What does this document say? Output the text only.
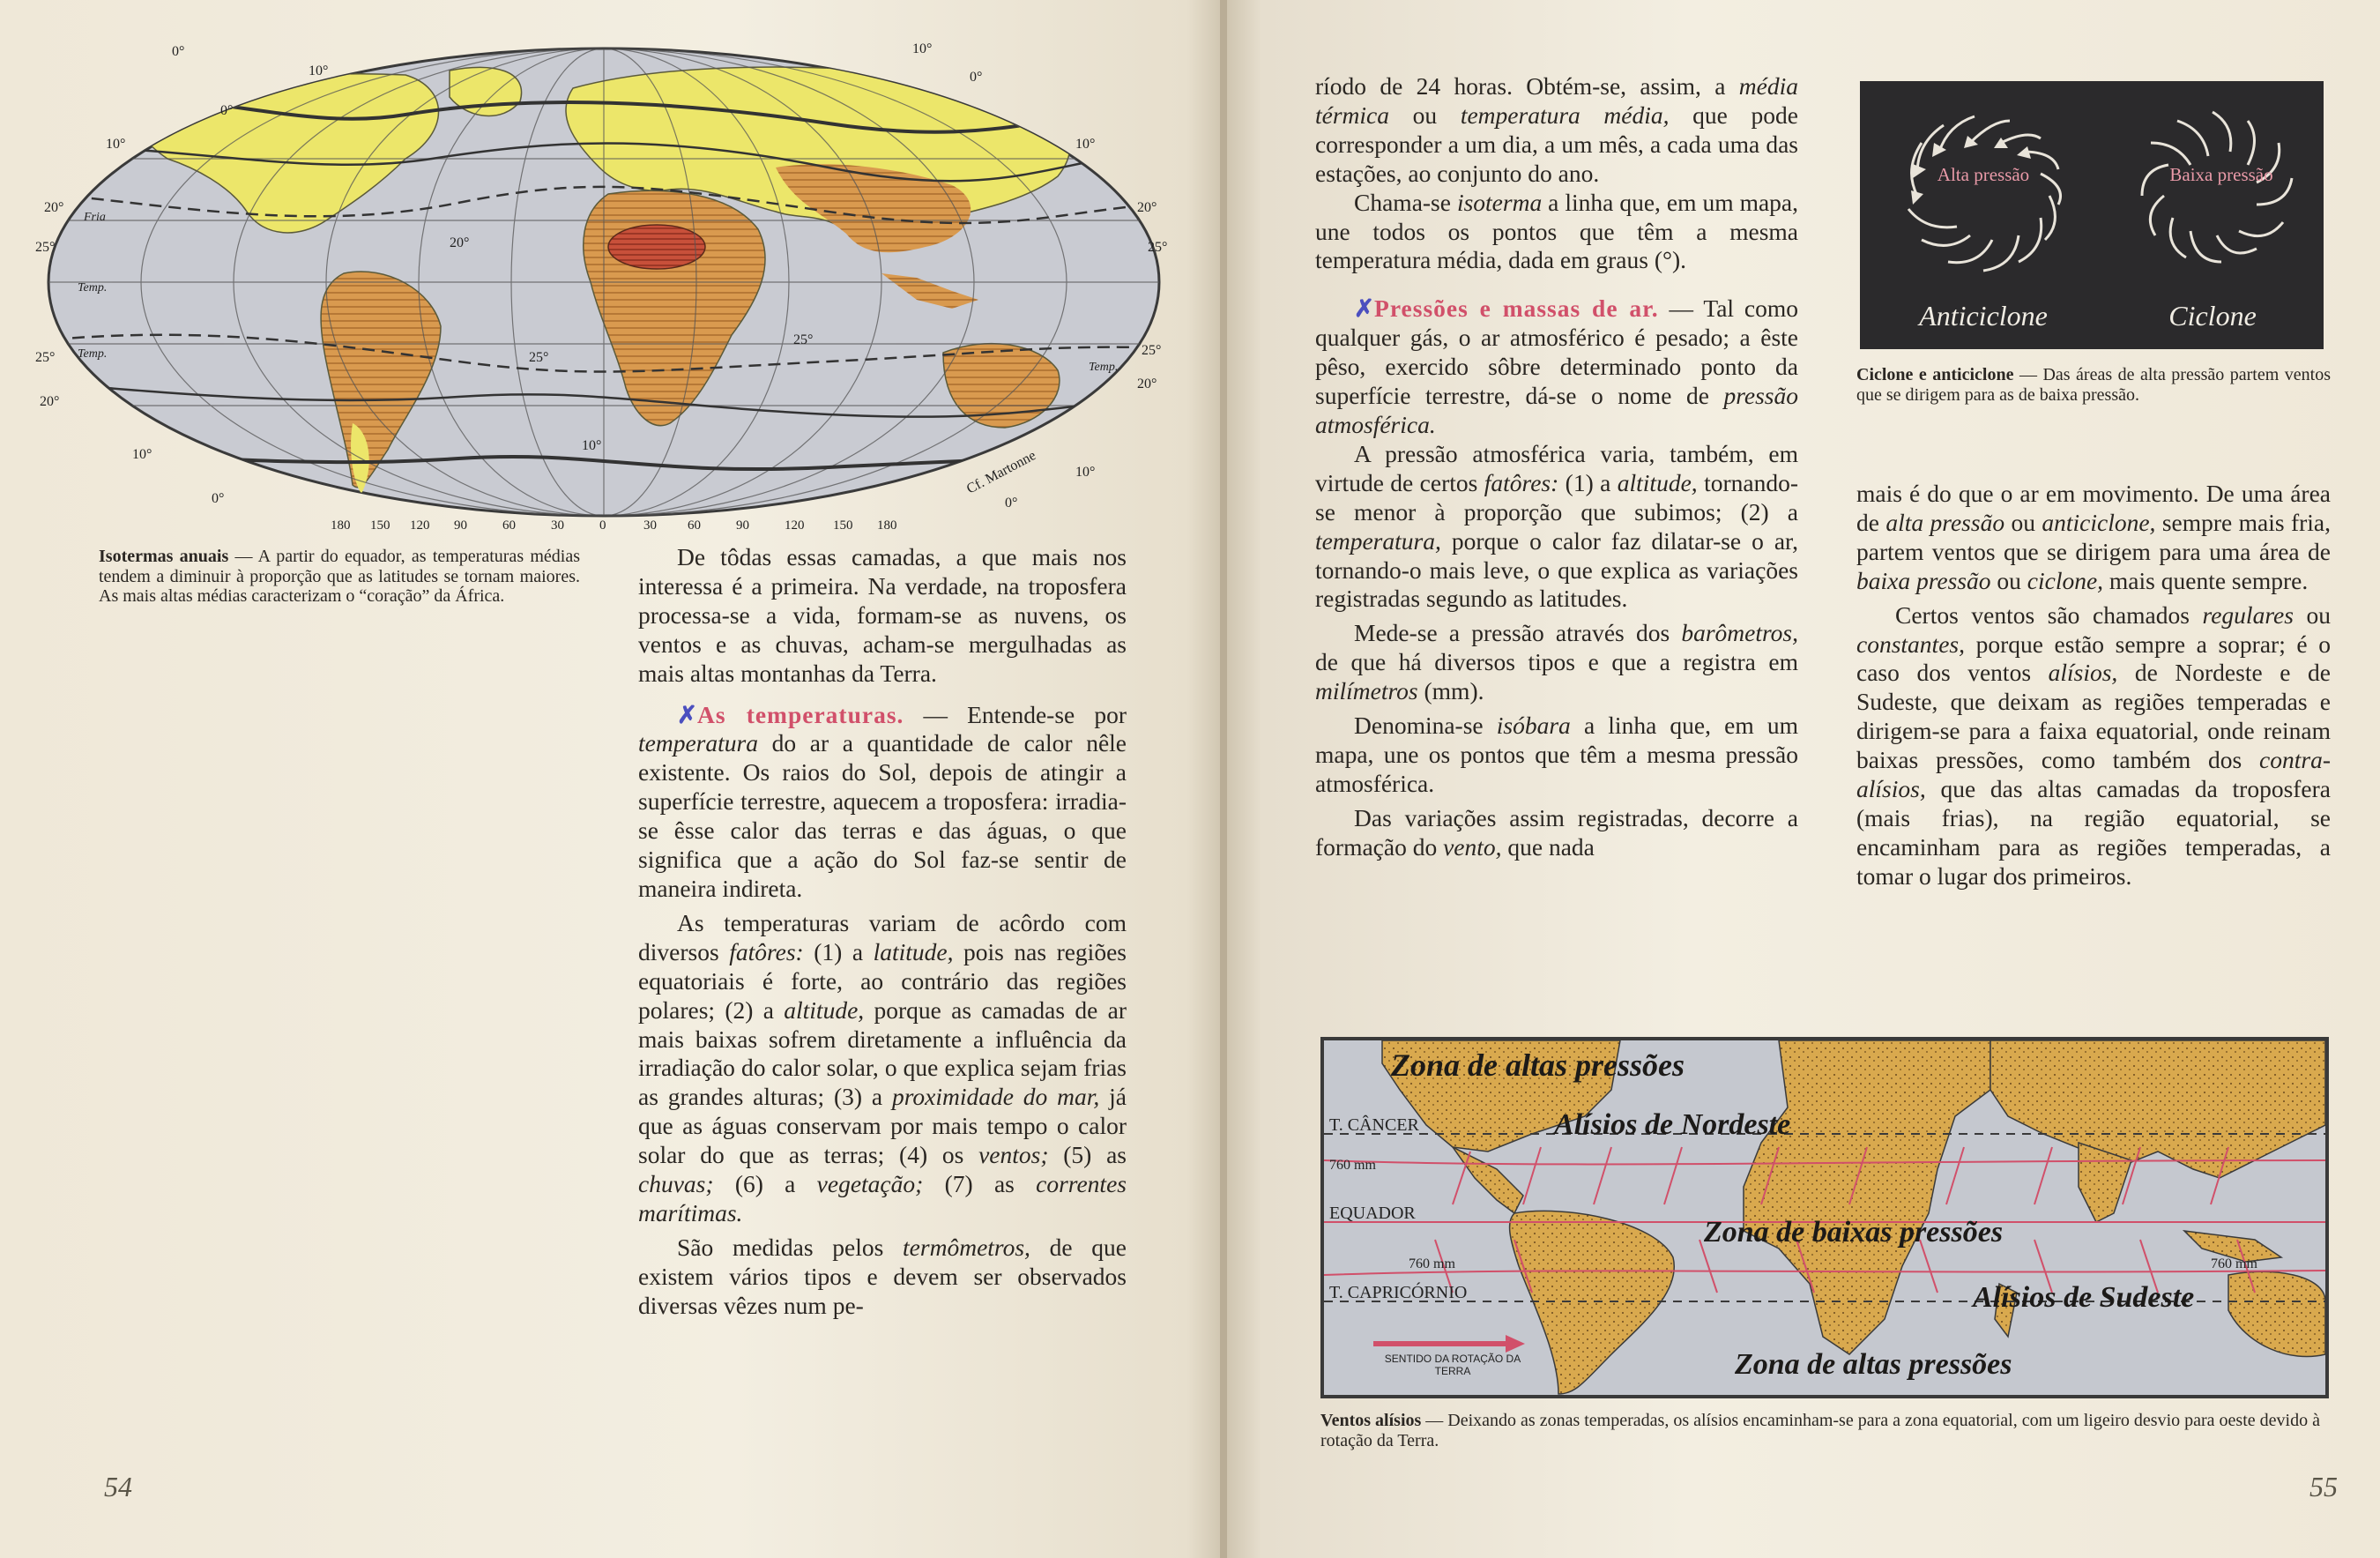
0°
10°
10°
0°
0°
10°	10°
20°	20°
25°	25°
25°	25°
20°
20°
10°
10°
0°	0°
10°
20°
25°
25°
Fria
Temp.
Temp.
Temp.
Cf. Martonne
180 150 120 90	60	30	0	30 60	90	120 150 180
Isotermas anuais — A partir do equador, as temperaturas médias tendem a diminuir à proporção que as latitudes se tornam maiores. As mais altas médias caracterizam o “coração” da África.

De tôdas essas camadas, a que mais nos interessa é a primeira. Na verdade, na troposfera processa-se a vida, formam-se as nuvens, os ventos e as chuvas, acham-se mergulhadas as mais altas montanhas da Terra.

✗As temperaturas. — Entende-se por temperatura do ar a quantidade de calor nêle existente. Os raios do Sol, depois de atingir a superfície terrestre, aquecem a troposfera: irradia-se êsse calor das terras e das águas, o que significa que a ação do Sol faz-se sentir de maneira indireta.

As temperaturas variam de acôrdo com diversos fatôres: (1) a latitude, pois nas regiões equatoriais é forte, ao contrário das regiões polares; (2) a altitude, porque as camadas de ar mais baixas sofrem diretamente a influência da irradiação do calor solar, o que explica sejam frias as grandes alturas; (3) a proximidade do mar, já que as águas conservam por mais tempo o calor solar do que as terras; (4) os ventos; (5) as chuvas; (6) a vegetação; (7) as correntes marítimas.

São medidas pelos termômetros, de que existem vários tipos e devem ser observados diversas vêzes num pe-

54

ríodo de 24 horas. Obtém-se, assim, a média térmica ou temperatura média, que pode corresponder a um dia, a um mês, a cada uma das estações, ao conjunto do ano.

Chama-se isoterma a linha que, em um mapa, une todos os pontos que têm a mesma temperatura média, dada em graus (°).

✗Pressões e massas de ar. — Tal como qualquer gás, o ar atmosférico é pesado; a êste pêso, exercido sôbre determinado ponto da superfície terrestre, dá-se o nome de pressão atmosférica.

A pressão atmosférica varia, também, em virtude de certos fatôres: (1) a altitude, tornando-se menor à proporção que subimos; (2) a temperatura, porque o calor faz dilatar-se o ar, tornando-o mais leve, o que explica as variações registradas segundo as latitudes.

Mede-se a pressão através dos barômetros, de que há diversos tipos e que a registra em milímetros (mm).

Denomina-se isóbara a linha que, em um mapa, une os pontos que têm a mesma pressão atmosférica.

Das variações assim registradas, decorre a formação do vento, que nada

Alta pressão	Baixa pressão
Anticiclone	Ciclone
Ciclone e anticiclone — Das áreas de alta pressão partem ventos que se dirigem para as de baixa pressão.

mais é do que o ar em movimento. De uma área de alta pressão ou anticiclone, sempre mais fria, partem ventos que se dirigem para uma área de baixa pressão ou ciclone, mais quente sempre.

Certos ventos são chamados regulares ou constantes, porque estão sempre a soprar; é o caso dos ventos alísios, de Nordeste e de Sudeste, que deixam as regiões temperadas e dirigem-se para a faixa equatorial, onde reinam baixas pressões, como também dos contra-alísios, que das altas camadas da troposfera (mais frias), na região equatorial, se encaminham para as regiões temperadas, a tomar o lugar dos primeiros.

T. CÂNCER
EQUADOR
T. CAPRICÓRNIO
760 mm
760 mm	760 mm
Zona de altas pressões
Alísios de Nordeste
Zona de baixas pressões
Alísios de Sudeste
Zona de altas pressões
SENTIDO DA ROTAÇÃO DA TERRA
Ventos alísios — Deixando as zonas temperadas, os alísios encaminham-se para a zona equatorial, com um ligeiro desvio para oeste devido à rotação da Terra.
55
